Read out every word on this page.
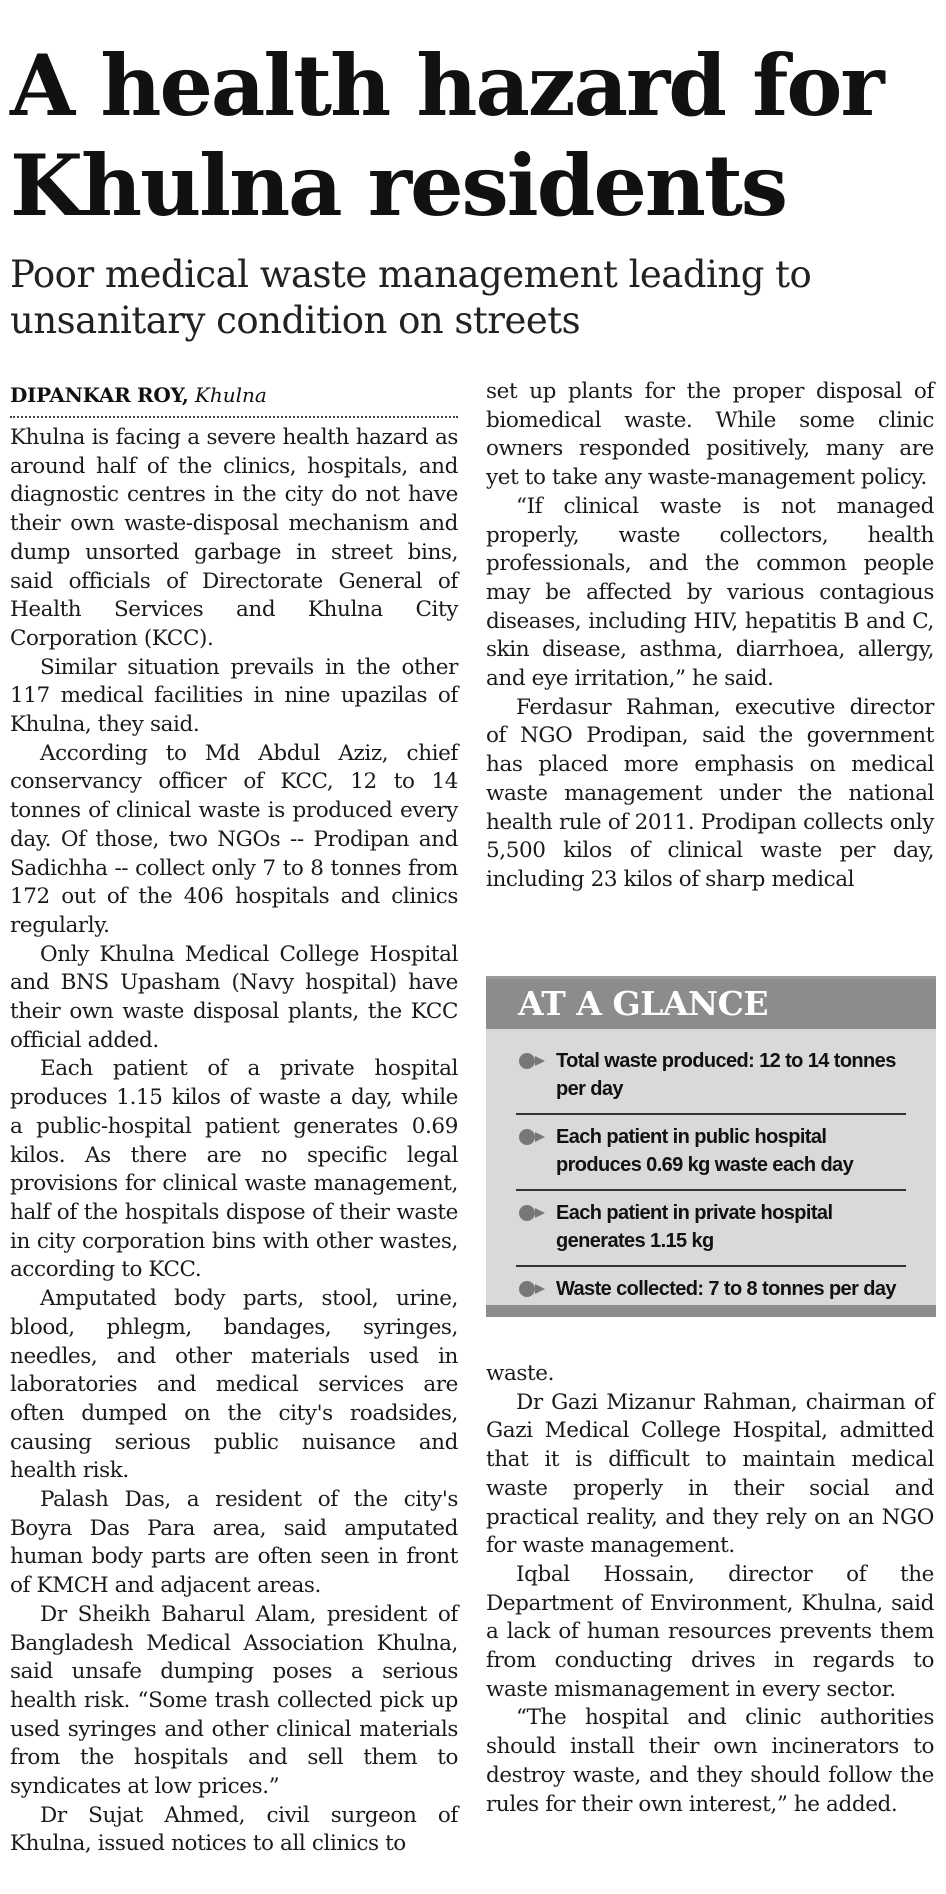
A health hazard for Khulna residents
Poor medical waste management leading to unsanitary condition on streets
DIPANKAR ROY, Khulna

Khulna is facing a severe health hazard as around half of the clinics, hospitals, and diagnostic centres in the city do not have their own waste-disposal mechanism and dump unsorted garbage in street bins, said officials of Directorate General of Health Services and Khulna City Corporation (KCC).

Similar situation prevails in the other 117 medical facilities in nine upazilas of Khulna, they said.

According to Md Abdul Aziz, chief conservancy officer of KCC, 12 to 14 tonnes of clinical waste is produced every day. Of those, two NGOs -- Prodipan and Sadichha -- collect only 7 to 8 tonnes from 172 out of the 406 hospitals and clinics regularly.

Only Khulna Medical College Hospital and BNS Upasham (Navy hospital) have their own waste disposal plants, the KCC official added.

Each patient of a private hospital produces 1.15 kilos of waste a day, while a public-hospital patient generates 0.69 kilos. As there are no specific legal provisions for clinical waste management, half of the hospitals dispose of their waste in city corporation bins with other wastes, according to KCC.

Amputated body parts, stool, urine, blood, phlegm, bandages, syringes, needles, and other materials used in laboratories and medical services are often dumped on the city's roadsides, causing serious public nuisance and health risk.

Palash Das, a resident of the city's Boyra Das Para area, said amputated human body parts are often seen in front of KMCH and adjacent areas.

Dr Sheikh Baharul Alam, president of Bangladesh Medical Association Khulna, said unsafe dumping poses a serious health risk. “Some trash collected pick up used syringes and other clinical materials from the hospitals and sell them to syndicates at low prices.”

Dr Sujat Ahmed, civil surgeon of Khulna, issued notices to all clinics to

set up plants for the proper disposal of biomedical waste. While some clinic owners responded positively, many are yet to take any waste-management policy.

“If clinical waste is not managed properly, waste collectors, health professionals, and the common people may be affected by various contagious diseases, including HIV, hepatitis B and C, skin disease, asthma, diarrhoea, allergy, and eye irritation,” he said.

Ferdasur Rahman, executive director of NGO Prodipan, said the government has placed more emphasis on medical waste management under the national health rule of 2011. Prodipan collects only 5,500 kilos of clinical waste per day, including 23 kilos of sharp medical

AT A GLANCE
Total waste produced: 12 to 14 tonnes per day
Each patient in public hospital produces 0.69 kg waste each day
Each patient in private hospital generates 1.15 kg
Waste collected: 7 to 8 tonnes per day

waste.

Dr Gazi Mizanur Rahman, chairman of Gazi Medical College Hospital, admitted that it is difficult to maintain medical waste properly in their social and practical reality, and they rely on an NGO for waste management.

Iqbal Hossain, director of the Department of Environment, Khulna, said a lack of human resources prevents them from conducting drives in regards to waste mismanagement in every sector.

“The hospital and clinic authorities should install their own incinerators to destroy waste, and they should follow the rules for their own interest,” he added.
